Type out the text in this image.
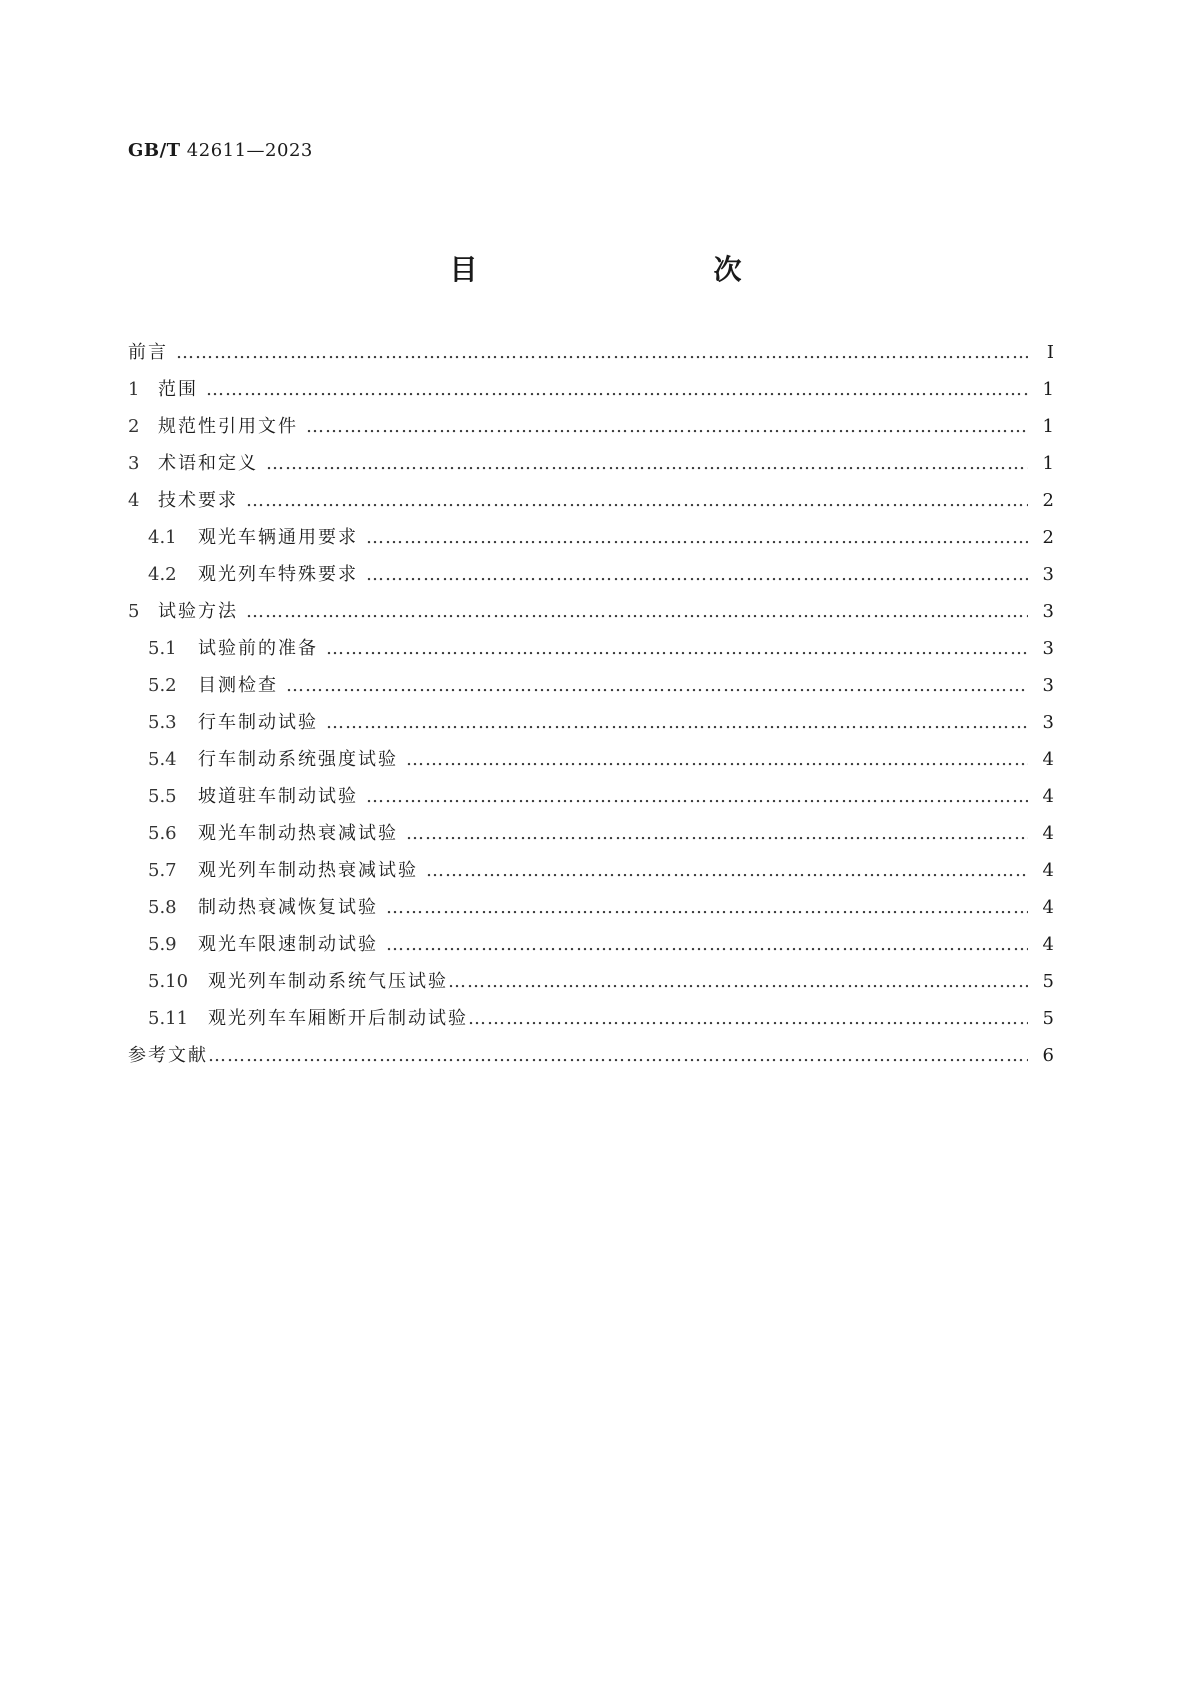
GB/T 42611—2023
目　　次
前言 ……………………………………………………………………………………………………………………………………………………………………………………	Ⅰ
1	范围 ……………………………………………………………………………………………………………………………………………………………………………………	1
2	规范性引用文件 ……………………………………………………………………………………………………………………………………………………………………………………	1
3	术语和定义 ……………………………………………………………………………………………………………………………………………………………………………………	1
4	技术要求 ……………………………………………………………………………………………………………………………………………………………………………………	2
4.1	观光车辆通用要求 ……………………………………………………………………………………………………………………………………………………………………………………	2
4.2	观光列车特殊要求 ……………………………………………………………………………………………………………………………………………………………………………………	3
5	试验方法 ……………………………………………………………………………………………………………………………………………………………………………………	3
5.1	试验前的准备 ……………………………………………………………………………………………………………………………………………………………………………………	3
5.2	目测检查 ……………………………………………………………………………………………………………………………………………………………………………………	3
5.3	行车制动试验 ……………………………………………………………………………………………………………………………………………………………………………………	3
5.4	行车制动系统强度试验 ……………………………………………………………………………………………………………………………………………………………………………………	4
5.5	坡道驻车制动试验 ……………………………………………………………………………………………………………………………………………………………………………………	4
5.6	观光车制动热衰减试验 ……………………………………………………………………………………………………………………………………………………………………………………	4
5.7	观光列车制动热衰减试验 ……………………………………………………………………………………………………………………………………………………………………………………	4
5.8	制动热衰减恢复试验 ……………………………………………………………………………………………………………………………………………………………………………………	4
5.9	观光车限速制动试验 ……………………………………………………………………………………………………………………………………………………………………………………	4
5.10	观光列车制动系统气压试验 ……………………………………………………………………………………………………………………………………………………………………………………	5
5.11	观光列车车厢断开后制动试验 ……………………………………………………………………………………………………………………………………………………………………………………	5
参考文献 ……………………………………………………………………………………………………………………………………………………………………………………	6
